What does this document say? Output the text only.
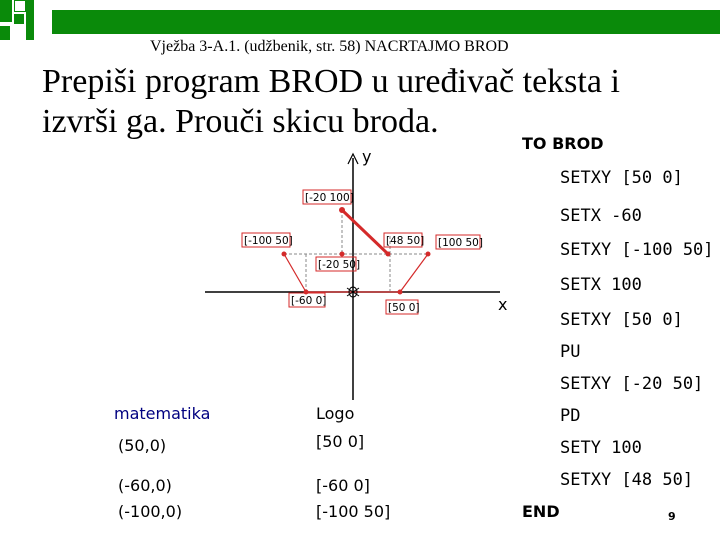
Vježba 3-A.1. (udžbenik, str. 58) NACRTAJMO BROD
Prepiši program BROD u uređivač teksta i
izvrši ga. Prouči skicu broda.
y
x
[-20 100]
[-100 50]	[48 50] [100 50]
[-20 50]
[-60 0]
[50 0]
TO BROD
SETXY [50 0]
SETX -60
SETXY [-100 50]
SETX 100
SETXY [50 0]
PU
SETXY [-20 50]
PD
SETY 100
SETXY [48 50]
END
matematika	Logo
(50,0)	[50 0]
(-60,0)	[-60 0]
(-100,0)	[-100 50]	9
